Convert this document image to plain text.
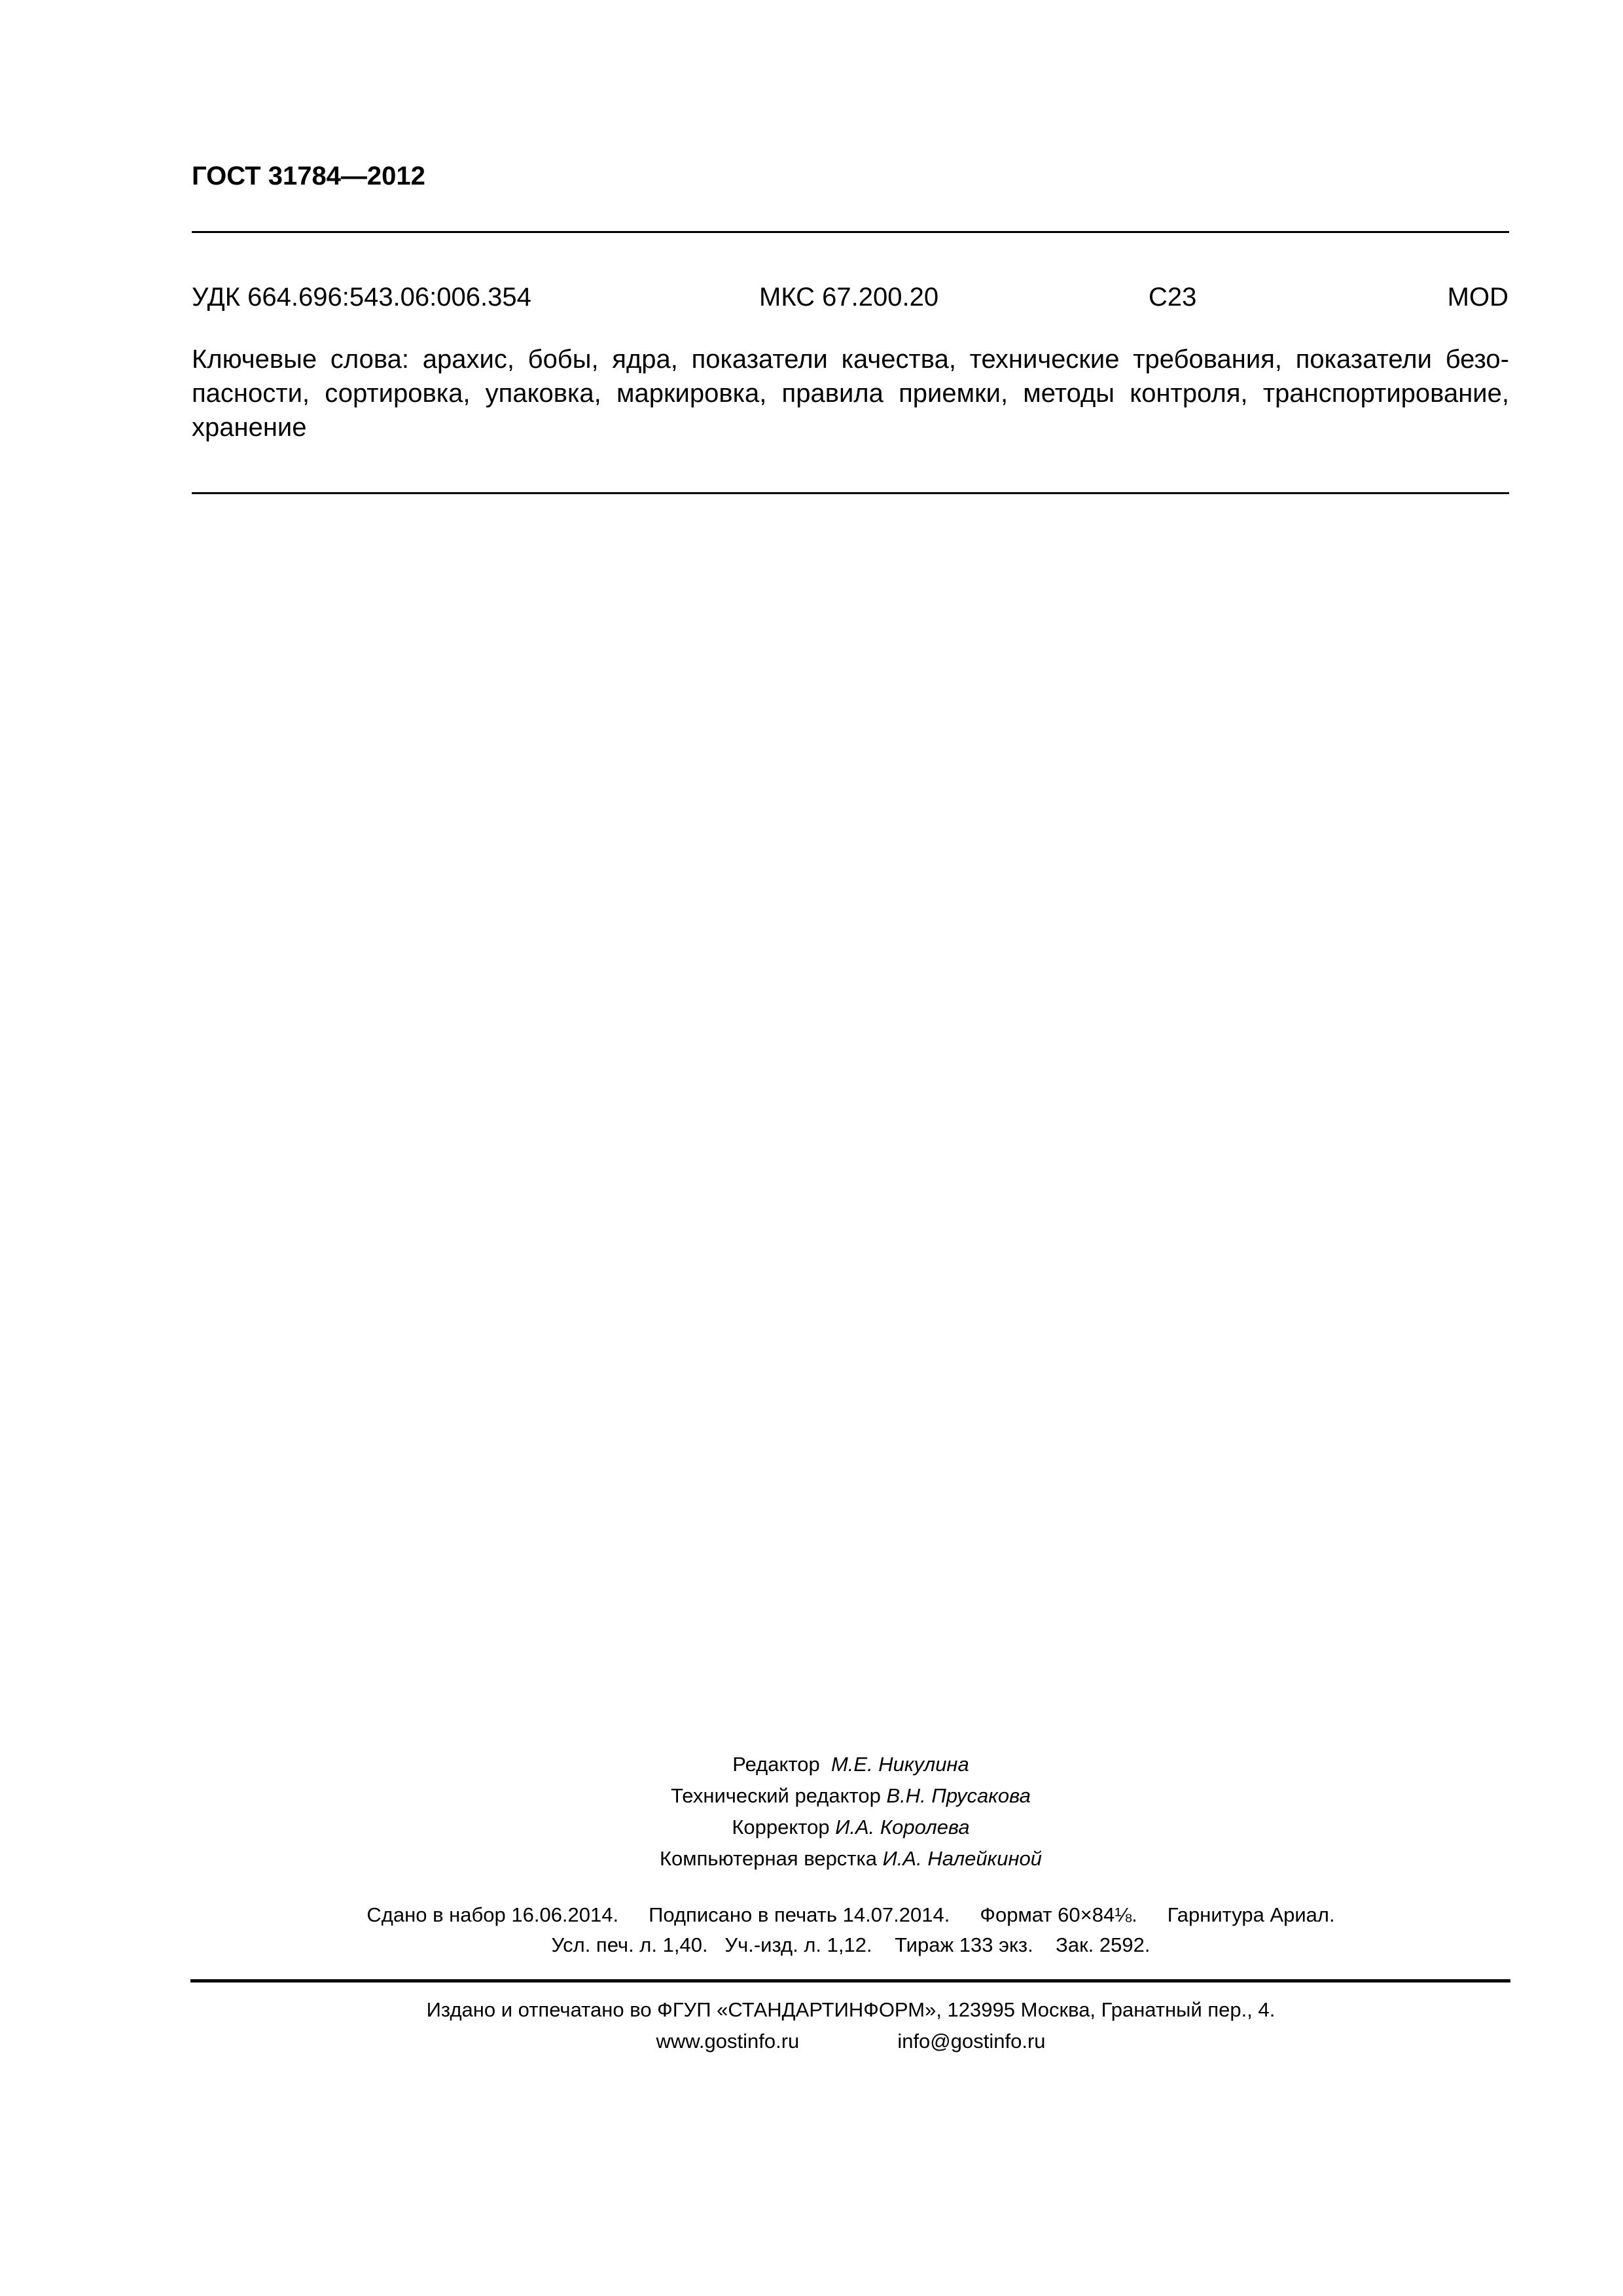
ГОСТ 31784—2012
УДК 664.696:543.06:006.354	МКС 67.200.20	С23	MOD
Ключевые слова: арахис, бобы, ядра, показатели качества, технические требования, показатели безо-
пасности, сортировка, упаковка, маркировка, правила приемки, методы контроля, транспортирование,
хранение
Редактор М.Е. Никулина
Технический редактор В.Н. Прусакова
Корректор И.А. Королева
Компьютерная верстка И.А. Налейкиной
Сдано в набор 16.06.2014. Подписано в печать 14.07.2014. Формат 60×84⅛. Гарнитура Ариал.
Усл. печ. л. 1,40. Уч.-изд. л. 1,12. Тираж 133 экз. Зак. 2592.
Издано и отпечатано во ФГУП «СТАНДАРТИНФОРМ», 123995 Москва, Гранатный пер., 4.
www.gostinfo.ru	info@gostinfo.ru
